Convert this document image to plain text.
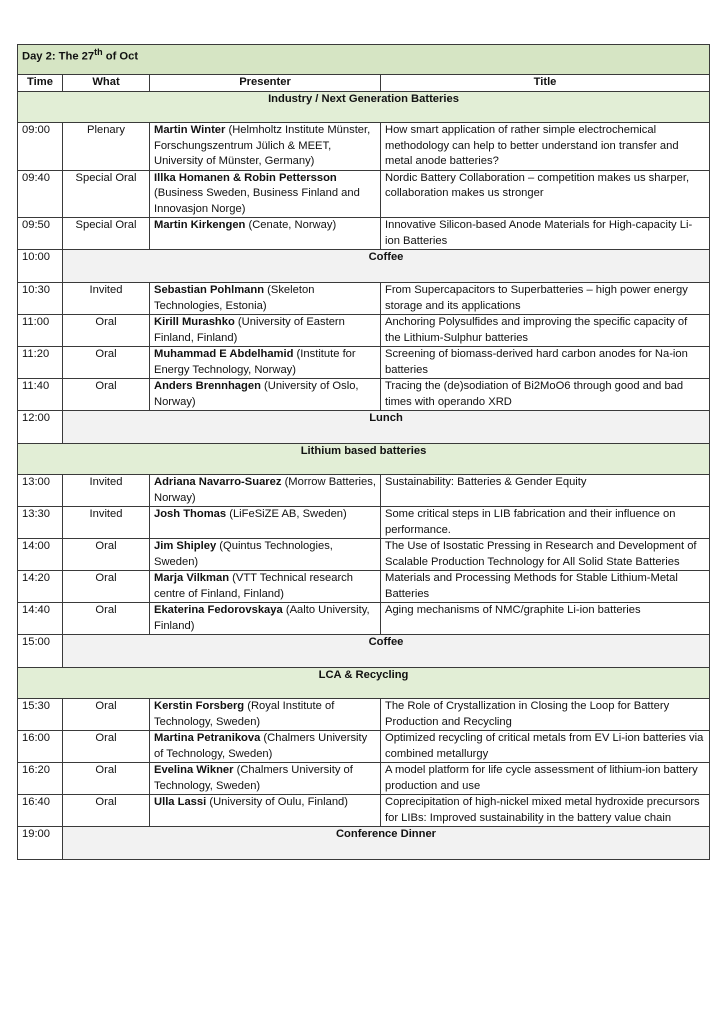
Day 2: The 27th of Oct			
Time	What	Presenter	Title
Industry / Next Generation Batteries			
09:00	Plenary	Martin Winter (Helmholtz Institute Münster, Forschungszentrum Jülich & MEET, University of Münster, Germany)	How smart application of rather simple electrochemical methodology can help to better understand ion transfer and metal anode batteries?
09:40	Special Oral	Illka Homanen & Robin Pettersson (Business Sweden, Business Finland and Innovasjon Norge)	Nordic Battery Collaboration – competition makes us sharper, collaboration makes us stronger
09:50	Special Oral	Martin Kirkengen (Cenate, Norway)	Innovative Silicon-based Anode Materials for High-capacity Li-ion Batteries
10:00	Coffee		
10:30	Invited	Sebastian Pohlmann (Skeleton Technologies, Estonia)	From Supercapacitors to Superbatteries – high power energy storage and its applications
11:00	Oral	Kirill Murashko (University of Eastern Finland, Finland)	Anchoring Polysulfides and improving the specific capacity of the Lithium-Sulphur batteries
11:20	Oral	Muhammad E Abdelhamid (Institute for Energy Technology, Norway)	Screening of biomass-derived hard carbon anodes for Na-ion batteries
11:40	Oral	Anders Brennhagen (University of Oslo, Norway)	Tracing the (de)sodiation of Bi2MoO6 through good and bad times with operando XRD
12:00	Lunch		
Lithium based batteries			
13:00	Invited	Adriana Navarro-Suarez (Morrow Batteries, Norway)	Sustainability: Batteries & Gender Equity
13:30	Invited	Josh Thomas (LiFeSiZE AB, Sweden)	Some critical steps in LIB fabrication and their influence on performance.
14:00	Oral	Jim Shipley (Quintus Technologies, Sweden)	The Use of Isostatic Pressing in Research and Development of Scalable Production Technology for All Solid State Batteries
14:20	Oral	Marja Vilkman (VTT Technical research centre of Finland, Finland)	Materials and Processing Methods for Stable Lithium-Metal Batteries
14:40	Oral	Ekaterina Fedorovskaya (Aalto University, Finland)	Aging mechanisms of NMC/graphite Li-ion batteries
15:00	Coffee		
LCA & Recycling			
15:30	Oral	Kerstin Forsberg (Royal Institute of Technology, Sweden)	The Role of Crystallization in Closing the Loop for Battery Production and Recycling
16:00	Oral	Martina Petranikova (Chalmers University of Technology, Sweden)	Optimized recycling of critical metals from EV Li-ion batteries via combined metallurgy
16:20	Oral	Evelina Wikner (Chalmers University of Technology, Sweden)	A model platform for life cycle assessment of lithium-ion battery production and use
16:40	Oral	Ulla Lassi (University of Oulu, Finland)	Coprecipitation of high-nickel mixed metal hydroxide precursors for LIBs: Improved sustainability in the battery value chain
19:00	Conference Dinner		
